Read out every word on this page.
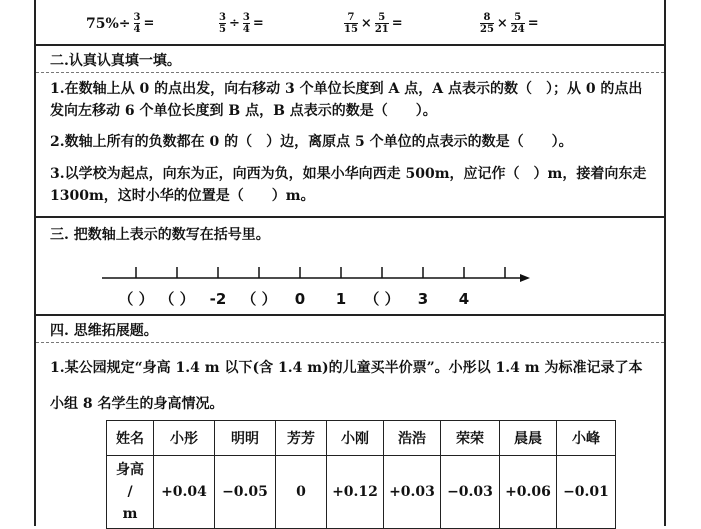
$75\%\div \frac{3}{4}$ =	$\frac{3}{5} \div \frac{3}{4}$ =	$\frac{7}{15} \times \frac{5}{21}$ =	$\frac{8}{25} \times \frac{5}{24}$ =
二.认真认真填一填。
1.在数轴上从 0 的点出发，向右移动 3 个单位长度到 A 点，A 点表示的数（　）；从 0 的点出发向左移动 6 个单位长度到 B 点，B 点表示的数是（　　）。
2.数轴上所有的负数都在 0 的（　）边，离原点 5 个单位的点表示的数是（　　）。
3.以学校为起点，向东为正，向西为负，如果小华向西走 500m，应记作（　）m，接着向东走 1300m，这时小华的位置是（　　）m。
三. 把数轴上表示的数写在括号里。
（ ） （ ） -2 （ ） 0 1 （ ） 3 4
四. 思维拓展题。
1.某公园规定“身高 1.4 m 以下(含 1.4 m)的儿童买半价票”。小彤以 1.4 m 为标准记录了本小组 8 名学生的身高情况。
姓名	小彤	明明	芳芳	小刚	浩浩	荣荣	晨晨	小峰

身高
/
m	+0.04	−0.05	0	+0.12	+0.03	−0.03	+0.06	−0.01
